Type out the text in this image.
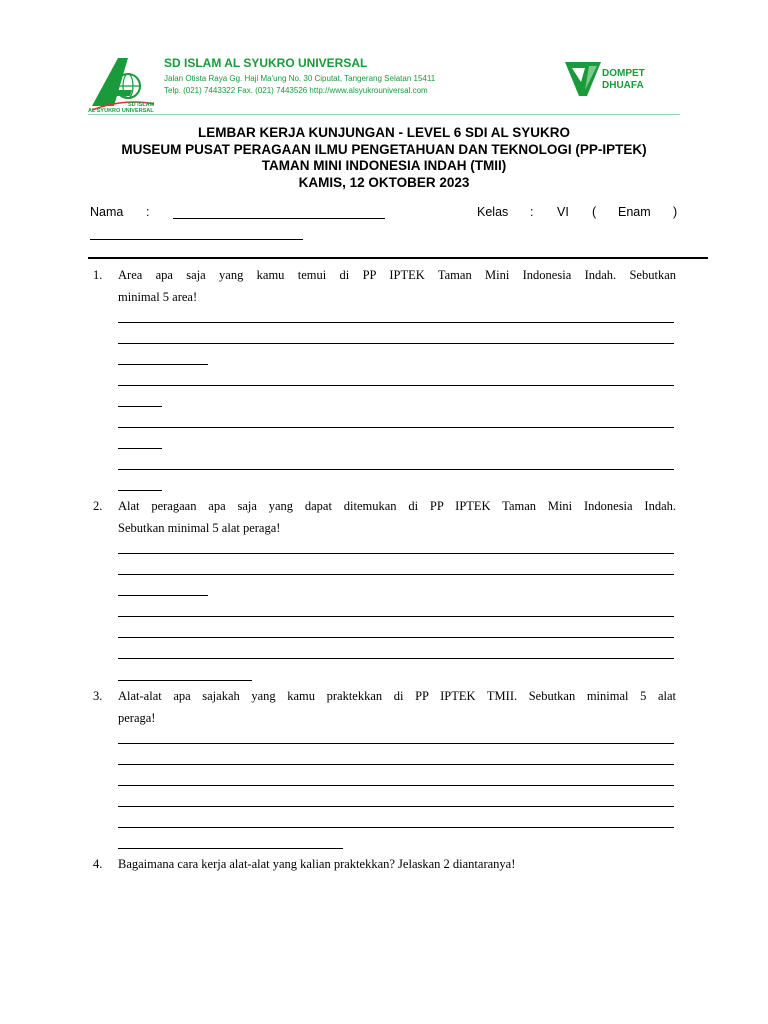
SD ISLAM
AL SYUKRO UNIVERSAL
SD ISLAM AL SYUKRO UNIVERSAL
Jalan Otista Raya Gg. Haji Ma'ung No. 30 Ciputat, Tangerang Selatan 15411
Telp. (021) 7443322 Fax. (021) 7443526 http://www.alsyukrouniversal.com
DOMPET
DHUAFA
LEMBAR KERJA KUNJUNGAN - LEVEL 6 SDI AL SYUKRO
MUSEUM PUSAT PERAGAAN ILMU PENGETAHUAN DAN TEKNOLOGI (PP-IPTEK)
TAMAN MINI INDONESIA INDAH (TMII)
KAMIS, 12 OKTOBER 2023
Nama :	Kelas : VI ( Enam )
1.	Area apa saja yang kamu temui di PP IPTEK Taman Mini Indonesia Indah. Sebutkan
minimal 5 area!
2.	Alat peragaan apa saja yang dapat ditemukan di PP IPTEK Taman Mini Indonesia Indah.
Sebutkan minimal 5 alat peraga!
3.	Alat-alat apa sajakah yang kamu praktekkan di PP IPTEK TMII. Sebutkan minimal 5 alat
peraga!
4.	Bagaimana cara kerja alat-alat yang kalian praktekkan? Jelaskan 2 diantaranya!
